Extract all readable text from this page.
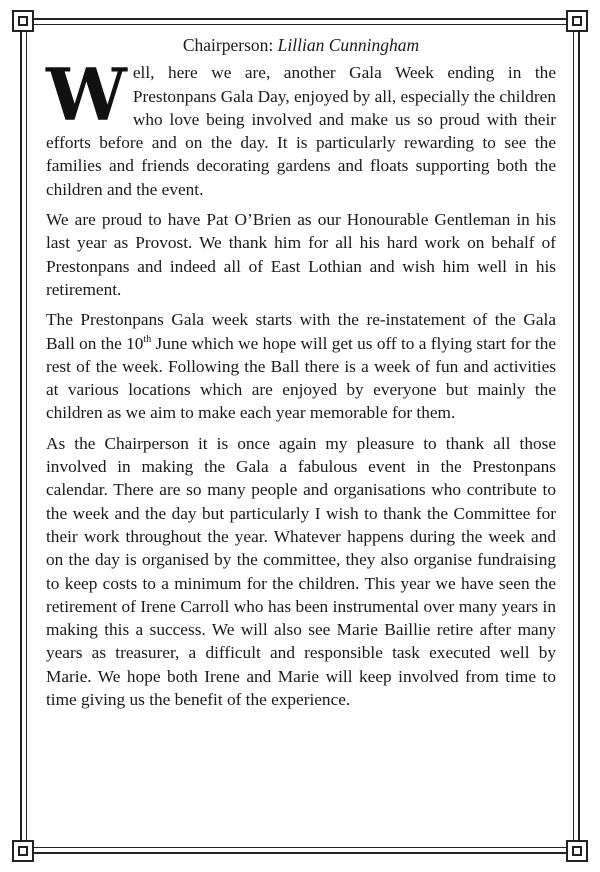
Chairperson: Lillian Cunningham

Well, here we are, another Gala Week ending in the Prestonpans Gala Day, enjoyed by all, especially the children who love being involved and make us so proud with their efforts before and on the day. It is particularly rewarding to see the families and friends decorating gardens and floats supporting both the children and the event.

We are proud to have Pat O’Brien as our Honourable Gentleman in his last year as Provost. We thank him for all his hard work on behalf of Prestonpans and indeed all of East Lothian and wish him well in his retirement.

The Prestonpans Gala week starts with the re-instatement of the Gala Ball on the 10th June which we hope will get us off to a flying start for the rest of the week. Following the Ball there is a week of fun and activities at various locations which are enjoyed by everyone but mainly the children as we aim to make each year memorable for them.

As the Chairperson it is once again my pleasure to thank all those involved in making the Gala a fabulous event in the Prestonpans calendar. There are so many people and organisations who contribute to the week and the day but particularly I wish to thank the Committee for their work throughout the year. Whatever happens during the week and on the day is organised by the committee, they also organise fundraising to keep costs to a minimum for the children. This year we have seen the retirement of Irene Carroll who has been instrumental over many years in making this a success. We will also see Marie Baillie retire after many years as treasurer, a difficult and responsible task executed well by Marie. We hope both Irene and Marie will keep involved from time to time giving us the benefit of the experience.
